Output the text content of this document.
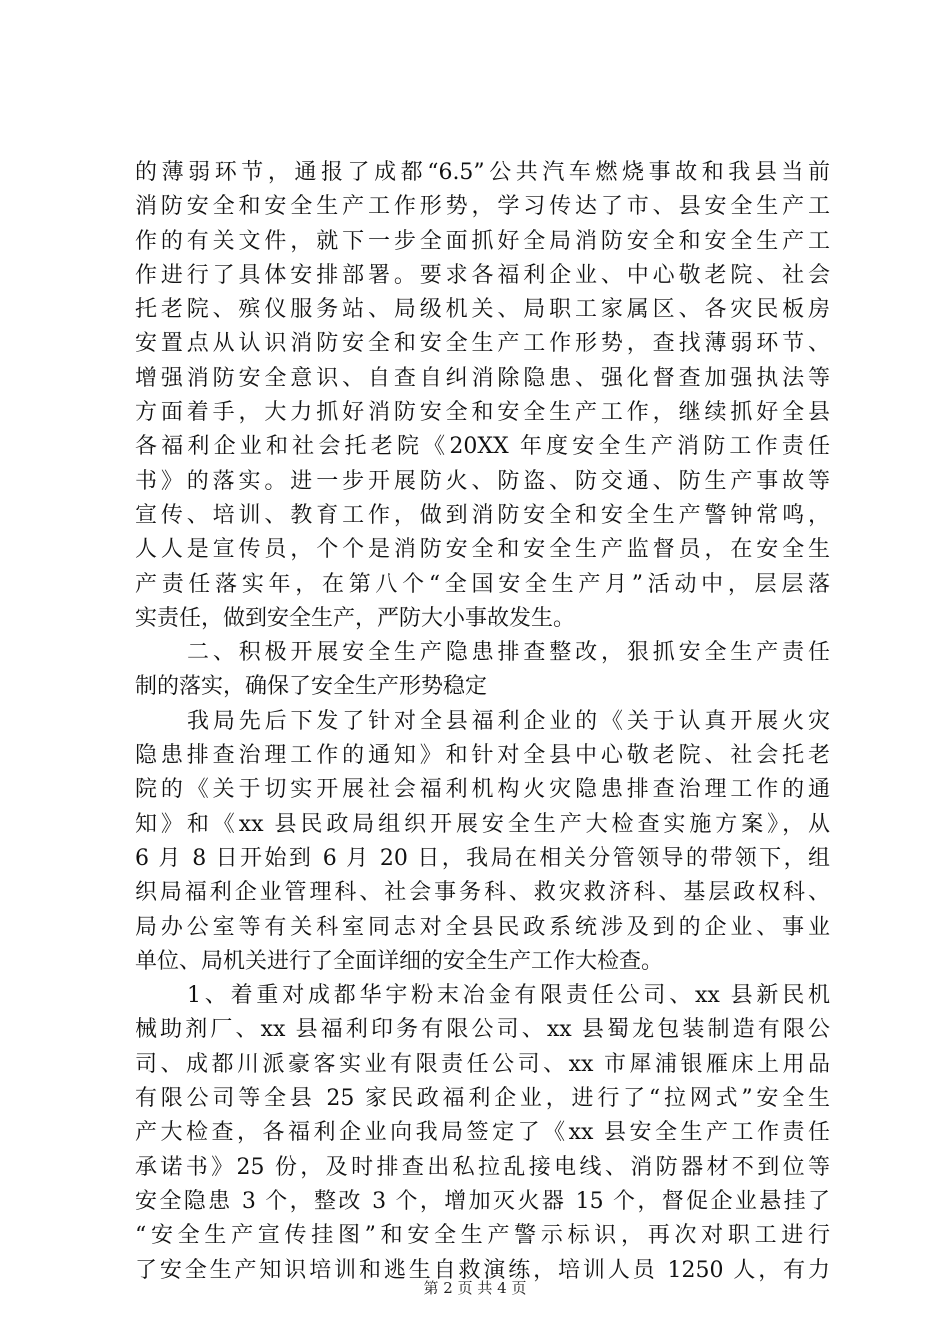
的薄弱环节，通报了成都“6.5”公共汽车燃烧事故和我县当前
消防安全和安全生产工作形势，学习传达了市、县安全生产工
作的有关文件，就下一步全面抓好全局消防安全和安全生产工
作进行了具体安排部署。要求各福利企业、中心敬老院、社会
托老院、殡仪服务站、局级机关、局职工家属区、各灾民板房
安置点从认识消防安全和安全生产工作形势，查找薄弱环节、
增强消防安全意识、自查自纠消除隐患、强化督查加强执法等
方面着手，大力抓好消防安全和安全生产工作，继续抓好全县
各福利企业和社会托老院《20XX 年度安全生产消防工作责任
书》的落实。进一步开展防火、防盗、防交通、防生产事故等
宣传、培训、教育工作，做到消防安全和安全生产警钟常鸣，
人人是宣传员，个个是消防安全和安全生产监督员，在安全生
产责任落实年，在第八个“全国安全生产月”活动中，层层落
实责任，做到安全生产，严防大小事故发生。
二、积极开展安全生产隐患排查整改，狠抓安全生产责任
制的落实，确保了安全生产形势稳定
我局先后下发了针对全县福利企业的《关于认真开展火灾
隐患排查治理工作的通知》和针对全县中心敬老院、社会托老
院的《关于切实开展社会福利机构火灾隐患排查治理工作的通
知》和《xx 县民政局组织开展安全生产大检查实施方案》，从
6 月 8 日开始到 6 月 20 日，我局在相关分管领导的带领下，组
织局福利企业管理科、社会事务科、救灾救济科、基层政权科、
局办公室等有关科室同志对全县民政系统涉及到的企业、事业
单位、局机关进行了全面详细的安全生产工作大检查。
1、着重对成都华宇粉末冶金有限责任公司、xx 县新民机
械助剂厂、xx 县福利印务有限公司、xx 县蜀龙包装制造有限公
司、成都川派豪客实业有限责任公司、xx 市犀浦银雁床上用品
有限公司等全县 25 家民政福利企业，进行了“拉网式”安全生
产大检查，各福利企业向我局签定了《xx 县安全生产工作责任
承诺书》25 份，及时排查出私拉乱接电线、消防器材不到位等
安全隐患 3 个，整改 3 个，增加灭火器 15 个，督促企业悬挂了
“安全生产宣传挂图”和安全生产警示标识，再次对职工进行
了安全生产知识培训和逃生自救演练，培训人员 1250 人，有力
第 2 页 共 4 页
